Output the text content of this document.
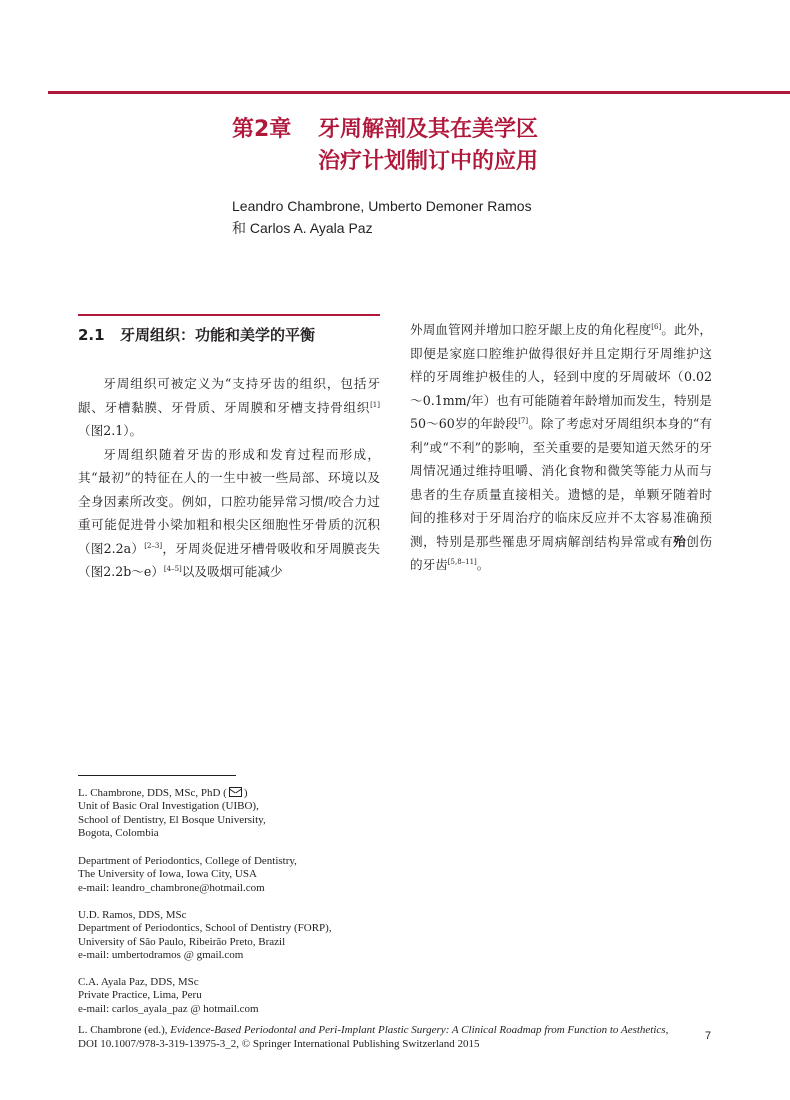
第2章 牙周解剖及其在美学区
治疗计划制订中的应用
Leandro Chambrone, Umberto Demoner Ramos
和 Carlos A. Ayala Paz
2.1 牙周组织：功能和美学的平衡

牙周组织可被定义为“支持牙齿的组织，包括牙龈、牙槽黏膜、牙骨质、牙周膜和牙槽支持骨组织[1]（图2.1）。

牙周组织随着牙齿的形成和发育过程而形成，其“最初”的特征在人的一生中被一些局部、环境以及全身因素所改变。例如，口腔功能异常习惯/咬合力过重可能促进骨小梁加粗和根尖区细胞性牙骨质的沉积（图2.2a）[2–3]，牙周炎促进牙槽骨吸收和牙周膜丧失（图2.2b～e）[4–5]以及吸烟可能减少

外周血管网并增加口腔牙龈上皮的角化程度[6]。此外，即便是家庭口腔维护做得很好并且定期行牙周维护这样的牙周维护极佳的人，轻到中度的牙周破坏（0.02～0.1mm/年）也有可能随着年龄增加而发生，特别是50～60岁的年龄段[7]。除了考虑对牙周组织本身的“有利”或“不利”的影响，至关重要的是要知道天然牙的牙周情况通过维持咀嚼、消化食物和微笑等能力从而与患者的生存质量直接相关。遗憾的是，单颗牙随着时间的推移对于牙周治疗的临床反应并不太容易准确预测，特别是那些罹患牙周病解剖结构异常或有殆创伤的牙齿[5,8–11]。

L. Chambrone, DDS, MSc, PhD ( )
Unit of Basic Oral Investigation (UIBO),
School of Dentistry, El Bosque University,
Bogota, Colombia
Department of Periodontics, College of Dentistry,
The University of Iowa, Iowa City, USA
e-mail: leandro_chambrone@hotmail.com
U.D. Ramos, DDS, MSc
Department of Periodontics, School of Dentistry (FORP),
University of São Paulo, Ribeirão Preto, Brazil
e-mail: umbertodramos @ gmail.com
C.A. Ayala Paz, DDS, MSc
Private Practice, Lima, Peru
e-mail: carlos_ayala_paz @ hotmail.com
L. Chambrone (ed.), Evidence-Based Periodontal and Peri-Implant Plastic Surgery: A Clinical Roadmap from Function to Aesthetics,
DOI 10.1007/978-3-319-13975-3_2, © Springer International Publishing Switzerland 2015
7
